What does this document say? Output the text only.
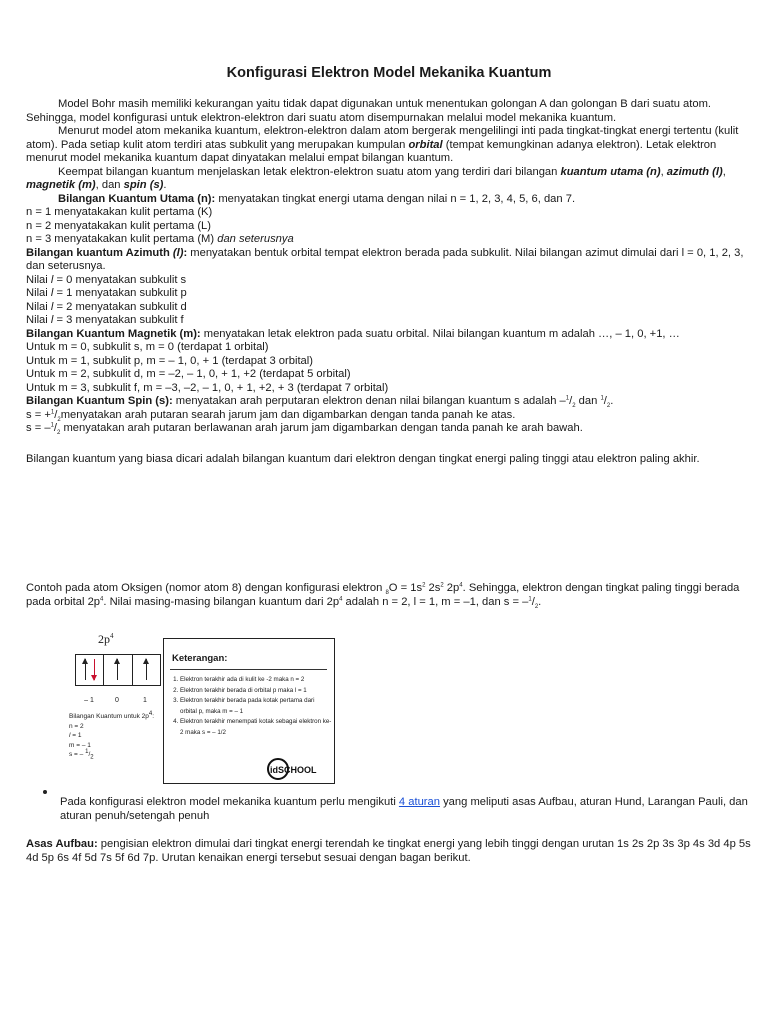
Konfigurasi Elektron Model Mekanika Kuantum

Model Bohr masih memiliki kekurangan yaitu tidak dapat digunakan untuk menentukan golongan A dan golongan B dari suatu atom. Sehingga, model konfigurasi untuk elektron-elektron dari suatu atom disempurnakan melalui model mekanika kuantum.

Menurut model atom mekanika kuantum, elektron-elektron dalam atom bergerak mengelilingi inti pada tingkat-tingkat energi tertentu (kulit atom). Pada setiap kulit atom terdiri atas subkulit yang merupakan kumpulan orbital (tempat kemungkinan adanya elektron). Letak elektron menurut model mekanika kuantum dapat dinyatakan melalui empat bilangan kuantum.

Keempat bilangan kuantum menjelaskan letak elektron-elektron suatu atom yang terdiri dari bilangan kuantum utama (n), azimuth (l), magnetik (m), dan spin (s).

Bilangan Kuantum Utama (n): menyatakan tingkat energi utama dengan nilai n = 1, 2, 3, 4, 5, 6, dan 7.

n = 1 menyatakakan kulit pertama (K)

n = 2 menyatakakan kulit pertama (L)

n = 3 menyatakakan kulit pertama (M) dan seterusnya

Bilangan kuantum Azimuth (l): menyatakan bentuk orbital tempat elektron berada pada subkulit. Nilai bilangan azimut dimulai dari l = 0, 1, 2, 3, dan seterusnya.

Nilai l = 0 menyatakan subkulit s

Nilai l = 1 menyatakan subkulit p

Nilai l = 2 menyatakan subkulit d

Nilai l = 3 menyatakan subkulit f

Bilangan Kuantum Magnetik (m): menyatakan letak elektron pada suatu orbital. Nilai bilangan kuantum m adalah …, – 1, 0, +1, …

Untuk m = 0, subkulit s, m = 0 (terdapat 1 orbital)

Untuk m = 1, subkulit p, m = – 1, 0, + 1 (terdapat 3 orbital)

Untuk m = 2, subkulit d, m = –2, – 1, 0, + 1, +2 (terdapat 5 orbital)

Untuk m = 3, subkulit f, m = –3, –2, – 1, 0, + 1, +2, + 3 (terdapat 7 orbital)

Bilangan Kuantum Spin (s): menyatakan arah perputaran elektron denan nilai bilangan kuantum s adalah $-^1/_2$ dan $^1/_2$.

$s = +^1/_2menyatakan$ arah putaran searah jarum jam dan digambarkan dengan tanda panah ke atas.

$s = -^1/_2$ menyatakan arah putaran berlawanan arah jarum jam digambarkan dengan tanda panah ke arah bawah.

Bilangan kuantum yang biasa dicari adalah bilangan kuantum dari elektron dengan tingkat energi paling tinggi atau elektron paling akhir.

Contoh pada atom Oksigen (nomor atom 8) dengan konfigurasi elektron $_8O = 1s^2$ $2s^2$ $2p^4$. Sehingga, elektron dengan tingkat paling tinggi berada pada orbital $2p^4$. Nilai masing-masing bilangan kuantum dari $2p^4$ adalah n = 2, l = 1, m = –1, dan $s = -^1/_2$.

Pada konfigurasi elektron model mekanika kuantum perlu mengikuti 4 aturan yang meliputi asas Aufbau, aturan Hund, Larangan Pauli, dan aturan penuh/setengah penuh

Asas Aufbau: pengisian elektron dimulai dari tingkat energi terendah ke tingkat energi yang lebih tinggi dengan urutan 1s 2s 2p 3s 3p 4s 3d 4p 5s 4d 5p 6s 4f 5d 7s 5f 6d 7p. Urutan kenaikan energi tersebut sesuai dengan bagan berikut.

$2p^4$
– 1	0	1
Bilangan Kuantum untuk $2p^4$:
n = 2
l = 1
m = – 1
s = – $^1/_2$
Keterangan:
1. Elektron terakhir ada di kulit ke -2 maka n = 2
2. Elektron terakhir berada di orbital p maka l = 1
3. Elektron terakhir berada pada kotak pertama dari orbital p, maka m = – 1
4. Elektron terakhir menempati kotak sebagai elektron ke-2 maka s = – 1/2
idSCHOOL
